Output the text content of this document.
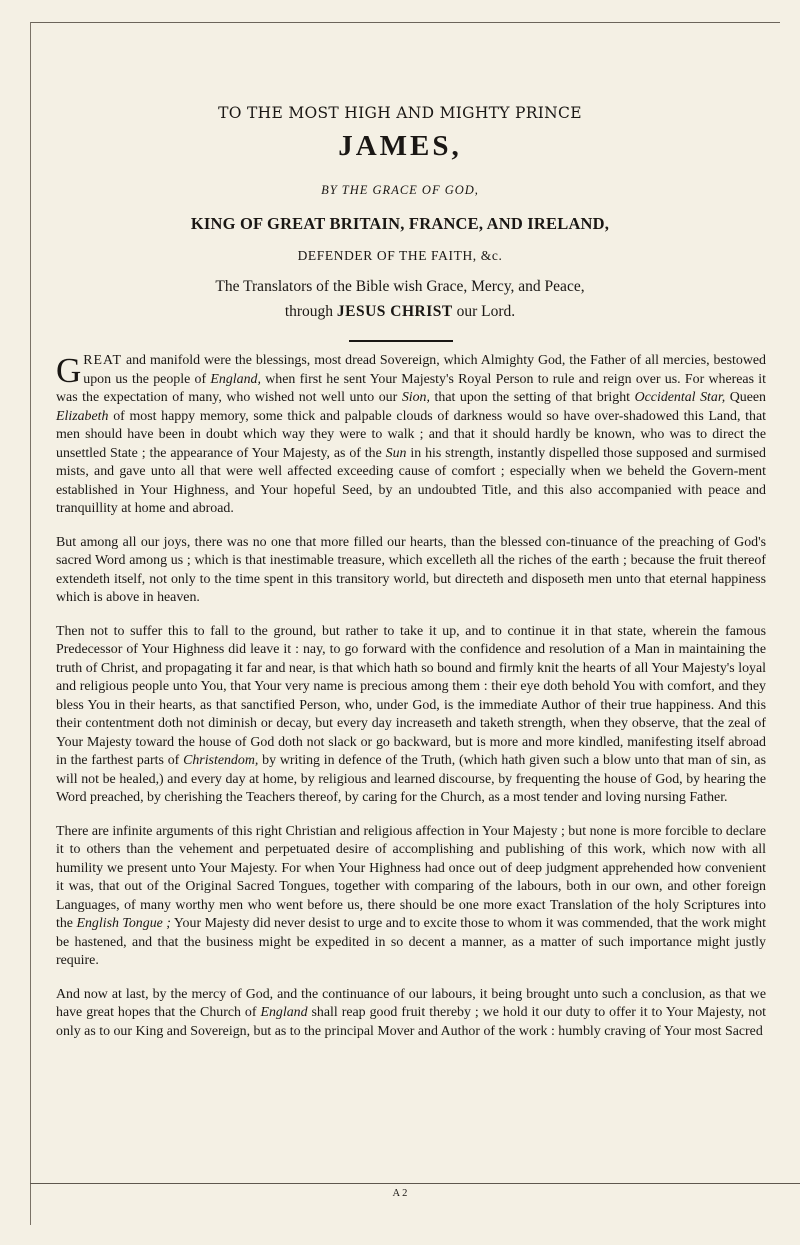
TO THE MOST HIGH AND MIGHTY PRINCE
JAMES,
BY THE GRACE OF GOD,
KING OF GREAT BRITAIN, FRANCE, AND IRELAND,
DEFENDER OF THE FAITH, &c.
The Translators of the Bible wish Grace, Mercy, and Peace,
through JESUS CHRIST our Lord.

GREAT and manifold were the blessings, most dread Sovereign, which Almighty God, the Father of all mercies, bestowed upon us the people of England, when first he sent Your Majesty's Royal Person to rule and reign over us. For whereas it was the expectation of many, who wished not well unto our Sion, that upon the setting of that bright Occidental Star, Queen Elizabeth of most happy memory, some thick and palpable clouds of darkness would so have over-shadowed this Land, that men should have been in doubt which way they were to walk ; and that it should hardly be known, who was to direct the unsettled State ; the appearance of Your Majesty, as of the Sun in his strength, instantly dispelled those supposed and surmised mists, and gave unto all that were well affected exceeding cause of comfort ; especially when we beheld the Govern-ment established in Your Highness, and Your hopeful Seed, by an undoubted Title, and this also accompanied with peace and tranquillity at home and abroad.

But among all our joys, there was no one that more filled our hearts, than the blessed con-tinuance of the preaching of God's sacred Word among us ; which is that inestimable treasure, which excelleth all the riches of the earth ; because the fruit thereof extendeth itself, not only to the time spent in this transitory world, but directeth and disposeth men unto that eternal happiness which is above in heaven.

Then not to suffer this to fall to the ground, but rather to take it up, and to continue it in that state, wherein the famous Predecessor of Your Highness did leave it : nay, to go forward with the confidence and resolution of a Man in maintaining the truth of Christ, and propagating it far and near, is that which hath so bound and firmly knit the hearts of all Your Majesty's loyal and religious people unto You, that Your very name is precious among them : their eye doth behold You with comfort, and they bless You in their hearts, as that sanctified Person, who, under God, is the immediate Author of their true happiness. And this their contentment doth not diminish or decay, but every day increaseth and taketh strength, when they observe, that the zeal of Your Majesty toward the house of God doth not slack or go backward, but is more and more kindled, manifesting itself abroad in the farthest parts of Christendom, by writing in defence of the Truth, (which hath given such a blow unto that man of sin, as will not be healed,) and every day at home, by religious and learned discourse, by frequenting the house of God, by hearing the Word preached, by cherishing the Teachers thereof, by caring for the Church, as a most tender and loving nursing Father.

There are infinite arguments of this right Christian and religious affection in Your Majesty ; but none is more forcible to declare it to others than the vehement and perpetuated desire of accomplishing and publishing of this work, which now with all humility we present unto Your Majesty. For when Your Highness had once out of deep judgment apprehended how convenient it was, that out of the Original Sacred Tongues, together with comparing of the labours, both in our own, and other foreign Languages, of many worthy men who went before us, there should be one more exact Translation of the holy Scriptures into the English Tongue ; Your Majesty did never desist to urge and to excite those to whom it was commended, that the work might be hastened, and that the business might be expedited in so decent a manner, as a matter of such importance might justly require.

And now at last, by the mercy of God, and the continuance of our labours, it being brought unto such a conclusion, as that we have great hopes that the Church of England shall reap good fruit thereby ; we hold it our duty to offer it to Your Majesty, not only as to our King and Sovereign, but as to the principal Mover and Author of the work : humbly craving of Your most Sacred

A 2
